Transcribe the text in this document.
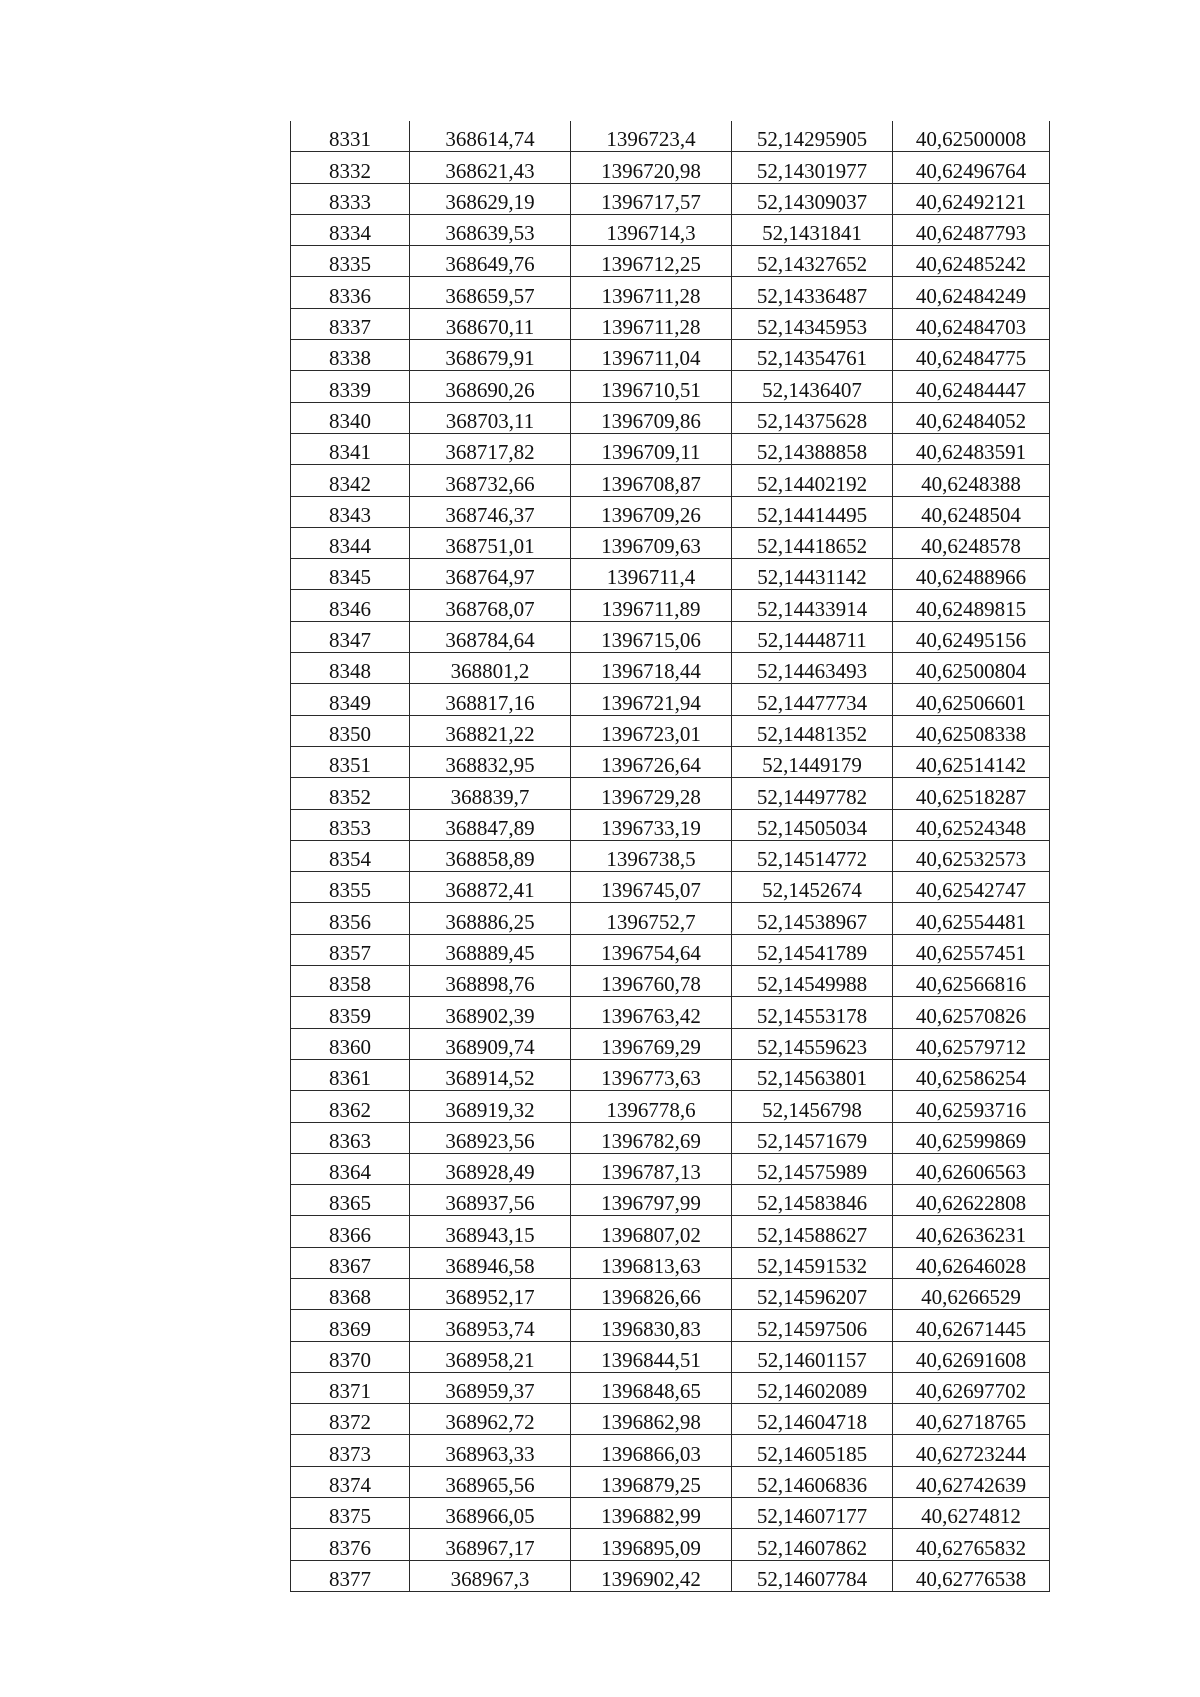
8331	368614,74	1396723,4	52,14295905	40,62500008
8332	368621,43	1396720,98	52,14301977	40,62496764
8333	368629,19	1396717,57	52,14309037	40,62492121
8334	368639,53	1396714,3	52,1431841	40,62487793
8335	368649,76	1396712,25	52,14327652	40,62485242
8336	368659,57	1396711,28	52,14336487	40,62484249
8337	368670,11	1396711,28	52,14345953	40,62484703
8338	368679,91	1396711,04	52,14354761	40,62484775
8339	368690,26	1396710,51	52,1436407	40,62484447
8340	368703,11	1396709,86	52,14375628	40,62484052
8341	368717,82	1396709,11	52,14388858	40,62483591
8342	368732,66	1396708,87	52,14402192	40,6248388
8343	368746,37	1396709,26	52,14414495	40,6248504
8344	368751,01	1396709,63	52,14418652	40,6248578
8345	368764,97	1396711,4	52,14431142	40,62488966
8346	368768,07	1396711,89	52,14433914	40,62489815
8347	368784,64	1396715,06	52,14448711	40,62495156
8348	368801,2	1396718,44	52,14463493	40,62500804
8349	368817,16	1396721,94	52,14477734	40,62506601
8350	368821,22	1396723,01	52,14481352	40,62508338
8351	368832,95	1396726,64	52,1449179	40,62514142
8352	368839,7	1396729,28	52,14497782	40,62518287
8353	368847,89	1396733,19	52,14505034	40,62524348
8354	368858,89	1396738,5	52,14514772	40,62532573
8355	368872,41	1396745,07	52,1452674	40,62542747
8356	368886,25	1396752,7	52,14538967	40,62554481
8357	368889,45	1396754,64	52,14541789	40,62557451
8358	368898,76	1396760,78	52,14549988	40,62566816
8359	368902,39	1396763,42	52,14553178	40,62570826
8360	368909,74	1396769,29	52,14559623	40,62579712
8361	368914,52	1396773,63	52,14563801	40,62586254
8362	368919,32	1396778,6	52,1456798	40,62593716
8363	368923,56	1396782,69	52,14571679	40,62599869
8364	368928,49	1396787,13	52,14575989	40,62606563
8365	368937,56	1396797,99	52,14583846	40,62622808
8366	368943,15	1396807,02	52,14588627	40,62636231
8367	368946,58	1396813,63	52,14591532	40,62646028
8368	368952,17	1396826,66	52,14596207	40,6266529
8369	368953,74	1396830,83	52,14597506	40,62671445
8370	368958,21	1396844,51	52,14601157	40,62691608
8371	368959,37	1396848,65	52,14602089	40,62697702
8372	368962,72	1396862,98	52,14604718	40,62718765
8373	368963,33	1396866,03	52,14605185	40,62723244
8374	368965,56	1396879,25	52,14606836	40,62742639
8375	368966,05	1396882,99	52,14607177	40,6274812
8376	368967,17	1396895,09	52,14607862	40,62765832
8377	368967,3	1396902,42	52,14607784	40,62776538
